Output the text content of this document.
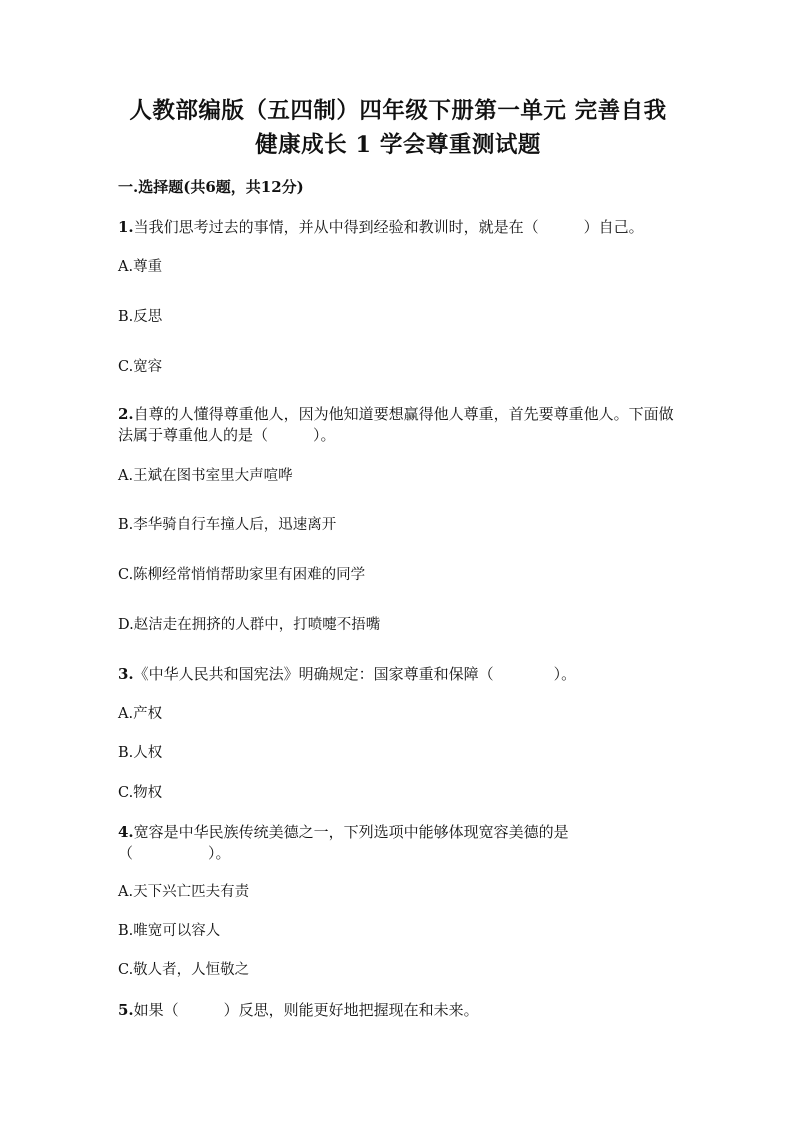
人教部编版（五四制）四年级下册第一单元 完善自我 健康成长 1 学会尊重测试题
一.选择题(共6题，共12分)
1.当我们思考过去的事情，并从中得到经验和教训时，就是在（　　　）自己。
A.尊重
B.反思
C.宽容
2.自尊的人懂得尊重他人，因为他知道要想赢得他人尊重，首先要尊重他人。下面做法属于尊重他人的是（　　　）。
A.王斌在图书室里大声喧哗
B.李华骑自行车撞人后，迅速离开
C.陈柳经常悄悄帮助家里有困难的同学
D.赵洁走在拥挤的人群中，打喷嚏不捂嘴
3.《中华人民共和国宪法》明确规定：国家尊重和保障（　　　　）。
A.产权
B.人权
C.物权
4.宽容是中华民族传统美德之一，下列选项中能够体现宽容美德的是（　　　　　）。
A.天下兴亡匹夫有责
B.唯宽可以容人
C.敬人者，人恒敬之
5.如果（　　　）反思，则能更好地把握现在和未来。
